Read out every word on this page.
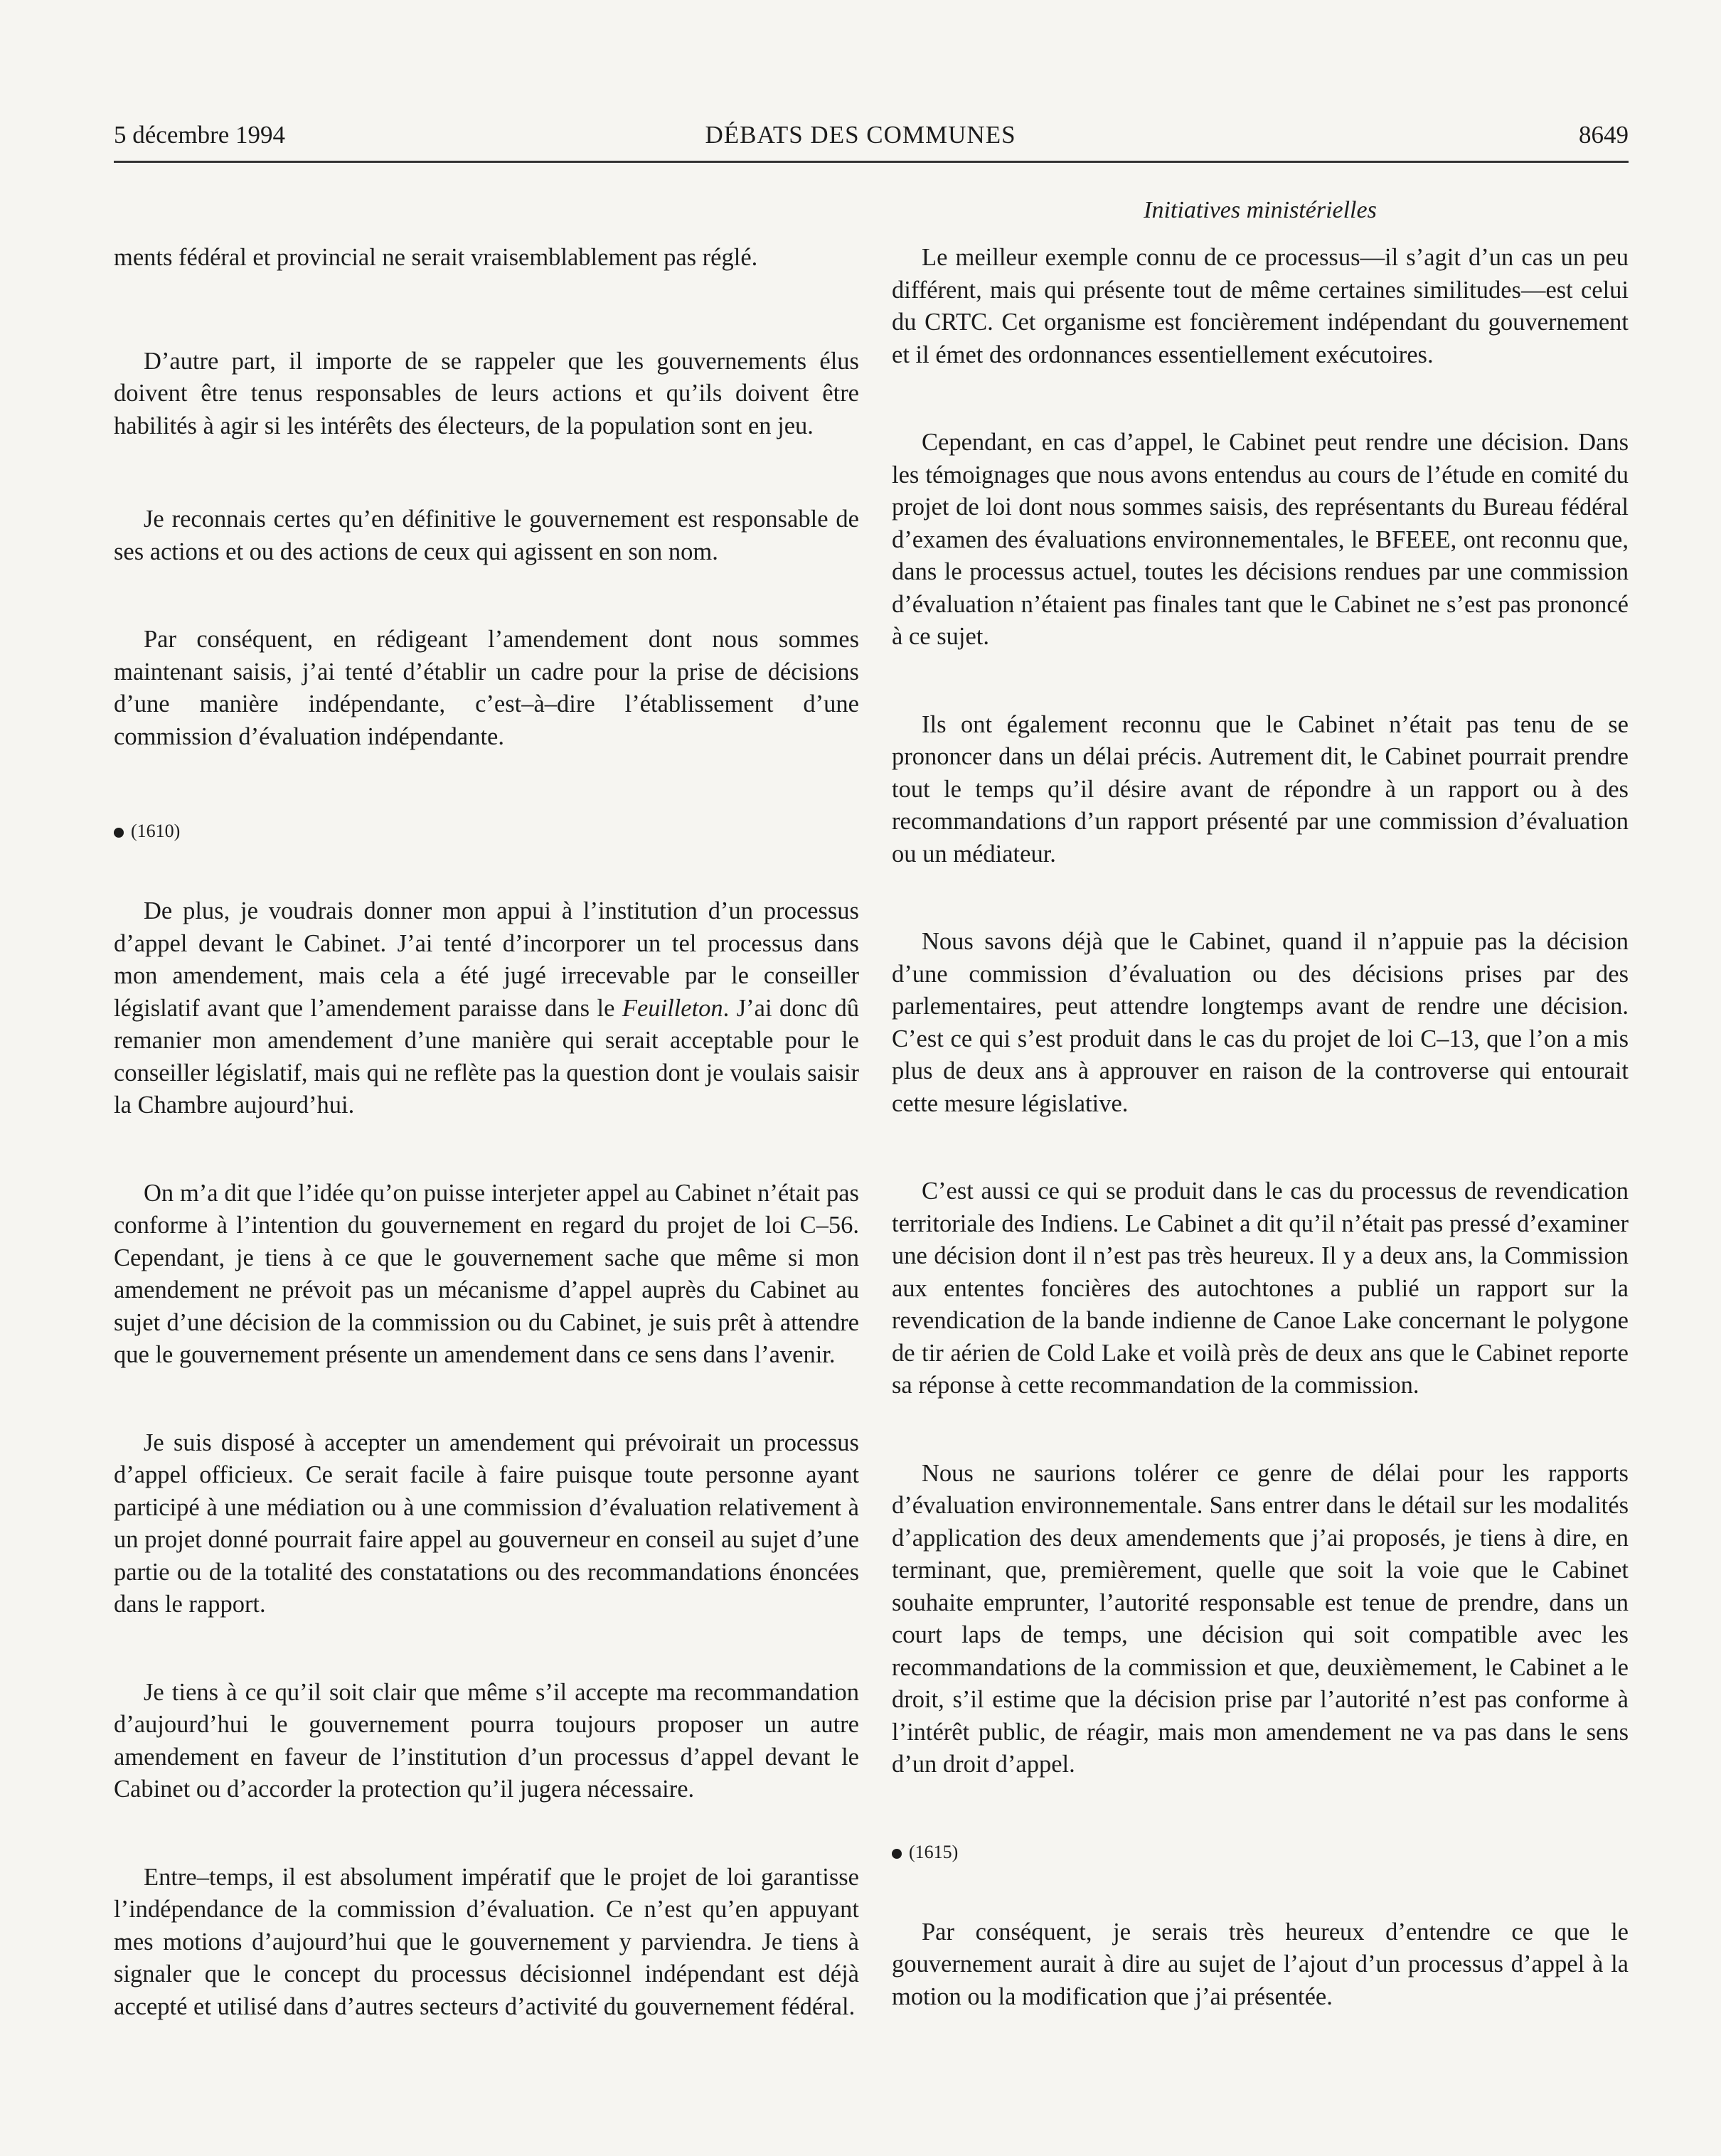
5 décembre 1994	DÉBATS DES COMMUNES	8649
Initiatives ministérielles

ments fédéral et provincial ne serait vraisemblablement pas réglé.

D’autre part, il importe de se rappeler que les gouvernements élus doivent être tenus responsables de leurs actions et qu’ils doivent être habilités à agir si les intérêts des électeurs, de la population sont en jeu.

Je reconnais certes qu’en définitive le gouvernement est responsable de ses actions et ou des actions de ceux qui agissent en son nom.

Par conséquent, en rédigeant l’amendement dont nous sommes maintenant saisis, j’ai tenté d’établir un cadre pour la prise de décisions d’une manière indépendante, c’est–à–dire l’établissement d’une commission d’évaluation indépendante.

(1610)

De plus, je voudrais donner mon appui à l’institution d’un processus d’appel devant le Cabinet. J’ai tenté d’incorporer un tel processus dans mon amendement, mais cela a été jugé irrecevable par le conseiller législatif avant que l’amendement paraisse dans le Feuilleton. J’ai donc dû remanier mon amendement d’une manière qui serait acceptable pour le conseiller législatif, mais qui ne reflète pas la question dont je voulais saisir la Chambre aujourd’hui.

On m’a dit que l’idée qu’on puisse interjeter appel au Cabinet n’était pas conforme à l’intention du gouvernement en regard du projet de loi C–56. Cependant, je tiens à ce que le gouvernement sache que même si mon amendement ne prévoit pas un mécanisme d’appel auprès du Cabinet au sujet d’une décision de la commission ou du Cabinet, je suis prêt à attendre que le gouvernement présente un amendement dans ce sens dans l’avenir.

Je suis disposé à accepter un amendement qui prévoirait un processus d’appel officieux. Ce serait facile à faire puisque toute personne ayant participé à une médiation ou à une commission d’évaluation relativement à un projet donné pourrait faire appel au gouverneur en conseil au sujet d’une partie ou de la totalité des constatations ou des recommandations énoncées dans le rapport.

Je tiens à ce qu’il soit clair que même s’il accepte ma recommandation d’aujourd’hui le gouvernement pourra toujours proposer un autre amendement en faveur de l’institution d’un processus d’appel devant le Cabinet ou d’accorder la protection qu’il jugera nécessaire.

Entre–temps, il est absolument impératif que le projet de loi garantisse l’indépendance de la commission d’évaluation. Ce n’est qu’en appuyant mes motions d’aujourd’hui que le gouvernement y parviendra. Je tiens à signaler que le concept du processus décisionnel indépendant est déjà accepté et utilisé dans d’autres secteurs d’activité du gouvernement fédéral.

Le meilleur exemple connu de ce processus—il s’agit d’un cas un peu différent, mais qui présente tout de même certaines similitudes—est celui du CRTC. Cet organisme est foncièrement indépendant du gouvernement et il émet des ordonnances essentiellement exécutoires.

Cependant, en cas d’appel, le Cabinet peut rendre une décision. Dans les témoignages que nous avons entendus au cours de l’étude en comité du projet de loi dont nous sommes saisis, des représentants du Bureau fédéral d’examen des évaluations environnementales, le BFEEE, ont reconnu que, dans le processus actuel, toutes les décisions rendues par une commission d’évaluation n’étaient pas finales tant que le Cabinet ne s’est pas prononcé à ce sujet.

Ils ont également reconnu que le Cabinet n’était pas tenu de se prononcer dans un délai précis. Autrement dit, le Cabinet pourrait prendre tout le temps qu’il désire avant de répondre à un rapport ou à des recommandations d’un rapport présenté par une commission d’évaluation ou un médiateur.

Nous savons déjà que le Cabinet, quand il n’appuie pas la décision d’une commission d’évaluation ou des décisions prises par des parlementaires, peut attendre longtemps avant de rendre une décision. C’est ce qui s’est produit dans le cas du projet de loi C–13, que l’on a mis plus de deux ans à approuver en raison de la controverse qui entourait cette mesure législative.

C’est aussi ce qui se produit dans le cas du processus de revendication territoriale des Indiens. Le Cabinet a dit qu’il n’était pas pressé d’examiner une décision dont il n’est pas très heureux. Il y a deux ans, la Commission aux ententes foncières des autochtones a publié un rapport sur la revendication de la bande indienne de Canoe Lake concernant le polygone de tir aérien de Cold Lake et voilà près de deux ans que le Cabinet reporte sa réponse à cette recommandation de la commission.

Nous ne saurions tolérer ce genre de délai pour les rapports d’évaluation environnementale. Sans entrer dans le détail sur les modalités d’application des deux amendements que j’ai proposés, je tiens à dire, en terminant, que, premièrement, quelle que soit la voie que le Cabinet souhaite emprunter, l’autorité responsable est tenue de prendre, dans un court laps de temps, une décision qui soit compatible avec les recommandations de la commission et que, deuxièmement, le Cabinet a le droit, s’il estime que la décision prise par l’autorité n’est pas conforme à l’intérêt public, de réagir, mais mon amendement ne va pas dans le sens d’un droit d’appel.

(1615)

Par conséquent, je serais très heureux d’entendre ce que le gouvernement aurait à dire au sujet de l’ajout d’un processus d’appel à la motion ou la modification que j’ai présentée.
